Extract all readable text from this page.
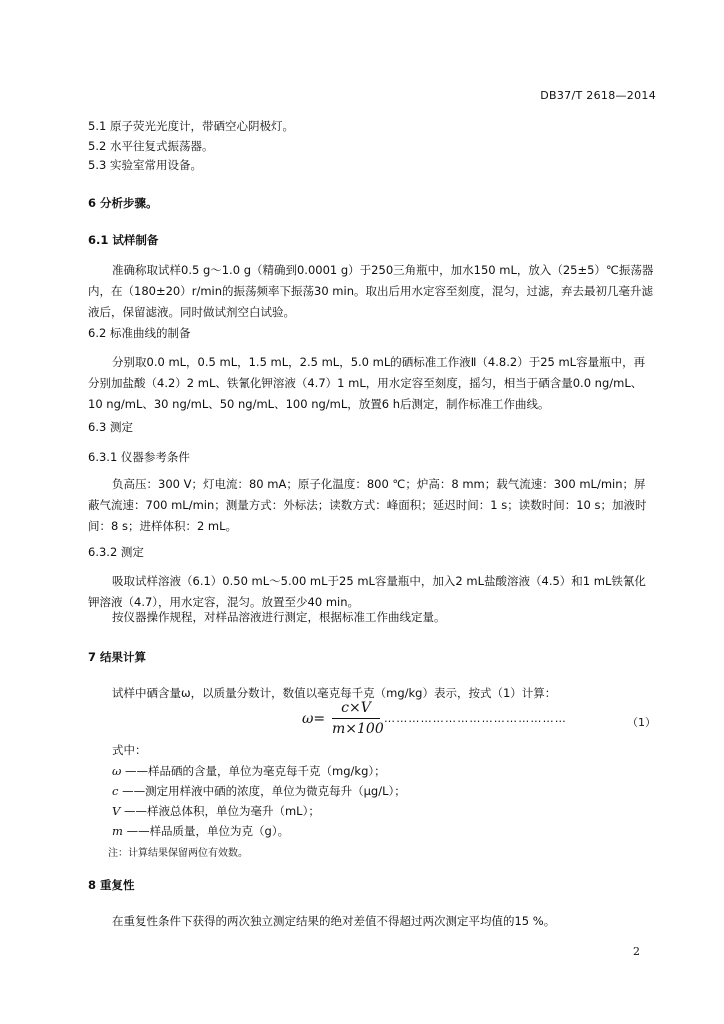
DB37/T 2618—2014
5.1 原子荧光光度计，带硒空心阴极灯。
5.2 水平往复式振荡器。
5.3 实验室常用设备。
6 分析步骤。
6.1 试样制备
准确称取试样0.5 g～1.0 g（精确到0.0001 g）于250三角瓶中，加水150 mL，放入（25±5）℃振荡器内，在（180±20）r/min的振荡频率下振荡30 min。取出后用水定容至刻度，混匀，过滤，弃去最初几毫升滤液后，保留滤液。同时做试剂空白试验。
6.2 标准曲线的制备
分别取0.0 mL，0.5 mL，1.5 mL，2.5 mL，5.0 mL的硒标准工作液Ⅱ（4.8.2）于25 mL容量瓶中，再分别加盐酸（4.2）2 mL、铁氰化钾溶液（4.7）1 mL，用水定容至刻度，摇匀，相当于硒含量0.0 ng/mL、10 ng/mL、30 ng/mL、50 ng/mL、100 ng/mL，放置6 h后测定，制作标准工作曲线。
6.3 测定
6.3.1 仪器参考条件
负高压：300 V；灯电流：80 mA；原子化温度：800 ℃；炉高：8 mm；载气流速：300 mL/min；屏蔽气流速：700 mL/min；测量方式：外标法；读数方式：峰面积；延迟时间：1 s；读数时间：10 s；加液时间：8 s；进样体积：2 mL。
6.3.2 测定
吸取试样溶液（6.1）0.50 mL～5.00 mL于25 mL容量瓶中，加入2 mL盐酸溶液（4.5）和1 mL铁氰化钾溶液（4.7），用水定容，混匀。放置至少40 min。
按仪器操作规程，对样品溶液进行测定，根据标准工作曲线定量。
7 结果计算
试样中硒含量ω，以质量分数计，数值以毫克每千克（mg/kg）表示，按式（1）计算：
$\omega= \frac{c\times V}{m\times 100}$ ………………………………………	（1）
式中：
ω ——样品硒的含量，单位为毫克每千克（mg/kg）；
c ——测定用样液中硒的浓度，单位为微克每升（μg/L）；
V ——样液总体积，单位为毫升（mL）；
m ——样品质量，单位为克（g）。
注：计算结果保留两位有效数。
8 重复性
在重复性条件下获得的两次独立测定结果的绝对差值不得超过两次测定平均值的15 %。
2
